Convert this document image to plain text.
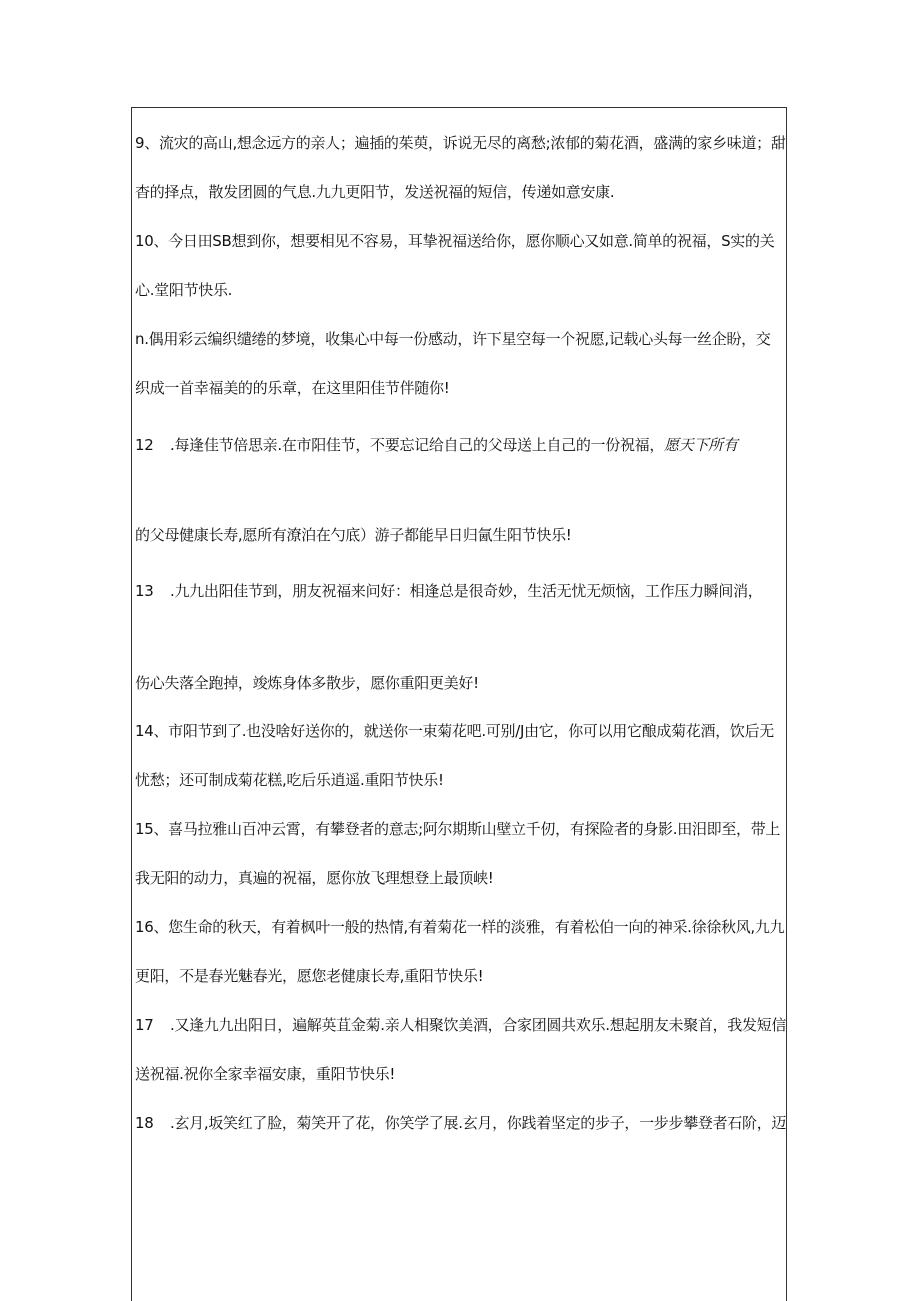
9、流灾的高山,想念远方的亲人；遍插的茱萸，诉说无尽的离愁;浓郁的菊花酒，盛满的家乡味道；甜
杳的择点，散发团圆的气息.九九更阳节，发送祝福的短信，传递如意安康.
10、今日田SB想到你，想要相见不容易，耳挚祝福送给你，愿你顺心又如意.简单的祝福，S实的关
心.堂阳节快乐.
n.偶用彩云编织缱绻的梦境，收集心中每一份感动，许下星空每一个祝愿,记载心头每一丝企盼，交
织成一首幸福美的的乐章，在这里阳佳节伴随你!
12 .每逢佳节倍思亲.在市阳佳节，不要忘记给自己的父母送上自己的一份祝福，愿天下所有
的父母健康长寿,愿所有潦泊在勺底）游子都能早日归氤生阳节快乐!
13 .九九出阳佳节到，朋友祝福来问好：相逢总是很奇妙，生活无忧无烦恼，工作压力瞬间消，
伤心失落全跑掉，竣炼身体多散步，愿你重阳更美好!
14、市阳节到了.也没啥好送你的，就送你一束菊花吧.可别/J由它，你可以用它酿成菊花酒，饮后无
忧愁；还可制成菊花糕,吃后乐逍遥.重阳节快乐!
15、喜马拉雅山百冲云霄，有攀登者的意志;阿尔期斯山壁立千仞，有探险者的身影.田汨即至，带上
我无阳的动力，真遍的祝福，愿你放飞理想登上最顶峡!
16、您生命的秋天，有着枫叶一般的热情,有着菊花一样的淡雅，有着松伯一向的神采.徐徐秋风,九九
更阳，不是春光魅春光，愿您老健康长寿,重阳节快乐!
17 .又逢九九出阳日，遍解英苴金菊.亲人相聚饮美酒，合家团圆共欢乐.想起朋友未聚首，我发短信
送祝福.祝你全家幸福安康，重阳节快乐!
18 .玄月,坂笑红了脸，菊笑开了花，你笑学了展.玄月，你践着坚定的步子，一步步攀登者石阶，迈
